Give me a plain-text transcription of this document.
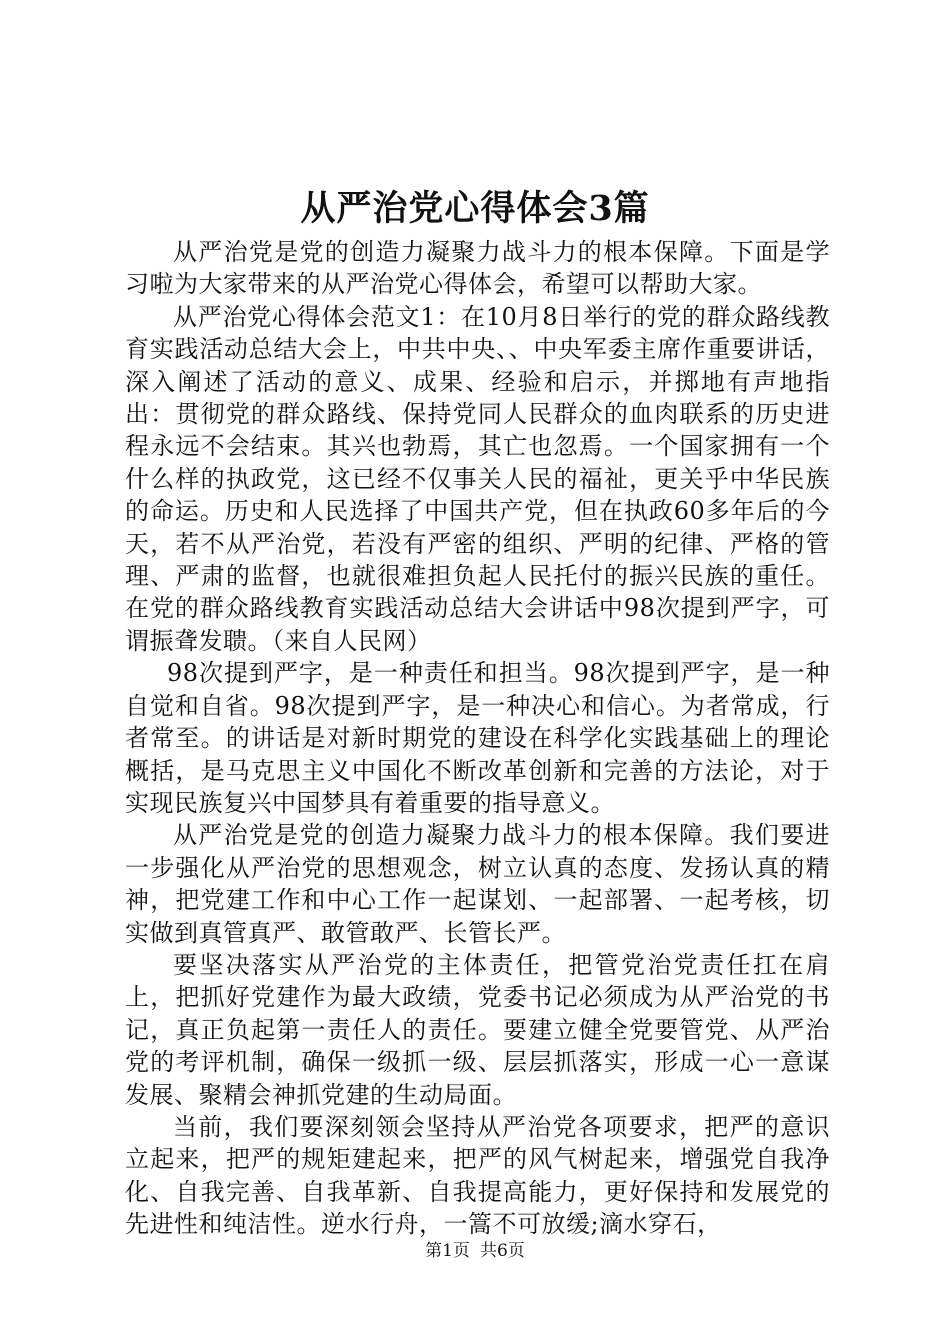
从严治党心得体会3篇

从严治党是党的创造力凝聚力战斗力的根本保障。下面是学习啦为大家带来的从严治党心得体会，希望可以帮助大家。

从严治党心得体会范文1：在10月8日举行的党的群众路线教育实践活动总结大会上，中共中央、、中央军委主席作重要讲话，深入阐述了活动的意义、成果、经验和启示，并掷地有声地指出：贯彻党的群众路线、保持党同人民群众的血肉联系的历史进程永远不会结束。其兴也勃焉，其亡也忽焉。一个国家拥有一个什么样的执政党，这已经不仅事关人民的福祉，更关乎中华民族的命运。历史和人民选择了中国共产党，但在执政60多年后的今天，若不从严治党，若没有严密的组织、严明的纪律、严格的管理、严肃的监督，也就很难担负起人民托付的振兴民族的重任。在党的群众路线教育实践活动总结大会讲话中98次提到严字，可谓振聋发聩。（来自人民网）

98次提到严字，是一种责任和担当。98次提到严字，是一种自觉和自省。98次提到严字，是一种决心和信心。为者常成，行者常至。的讲话是对新时期党的建设在科学化实践基础上的理论概括，是马克思主义中国化不断改革创新和完善的方法论，对于实现民族复兴中国梦具有着重要的指导意义。

从严治党是党的创造力凝聚力战斗力的根本保障。我们要进一步强化从严治党的思想观念，树立认真的态度、发扬认真的精神，把党建工作和中心工作一起谋划、一起部署、一起考核，切实做到真管真严、敢管敢严、长管长严。

要坚决落实从严治党的主体责任，把管党治党责任扛在肩上，把抓好党建作为最大政绩，党委书记必须成为从严治党的书记，真正负起第一责任人的责任。要建立健全党要管党、从严治党的考评机制，确保一级抓一级、层层抓落实，形成一心一意谋发展、聚精会神抓党建的生动局面。

当前，我们要深刻领会坚持从严治党各项要求，把严的意识立起来，把严的规矩建起来，把严的风气树起来，增强党自我净化、自我完善、自我革新、自我提高能力，更好保持和发展党的先进性和纯洁性。逆水行舟，一篙不可放缓;滴水穿石，

第1页 共6页
